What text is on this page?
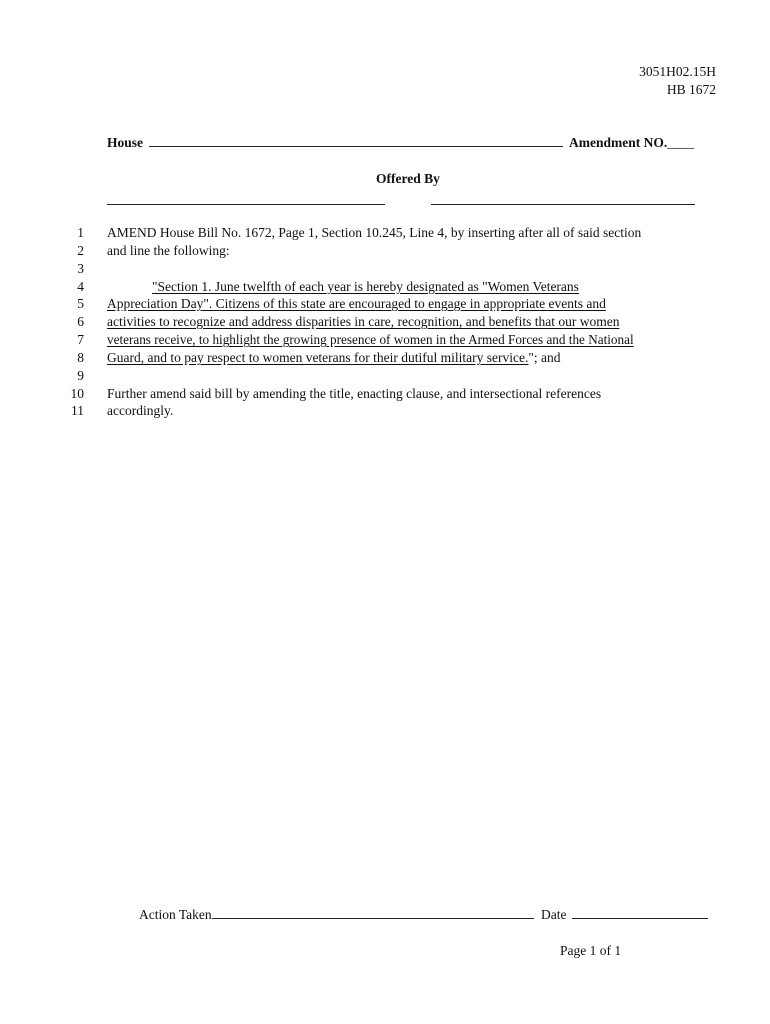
3051H02.15H
HB 1672
House	Amendment NO.____
Offered By
1 AMEND House Bill No. 1672, Page 1, Section 10.245, Line 4, by inserting after all of said section
2 and line the following:
3
4	"Section 1. June twelfth of each year is hereby designated as "Women Veterans
5 Appreciation Day". Citizens of this state are encouraged to engage in appropriate events and
6 activities to recognize and address disparities in care, recognition, and benefits that our women
7 veterans receive, to highlight the growing presence of women in the Armed Forces and the National
8 Guard, and to pay respect to women veterans for their dutiful military service."; and
9
10 Further amend said bill by amending the title, enacting clause, and intersectional references
11 accordingly.
Action Taken	Date
Page 1 of 1
